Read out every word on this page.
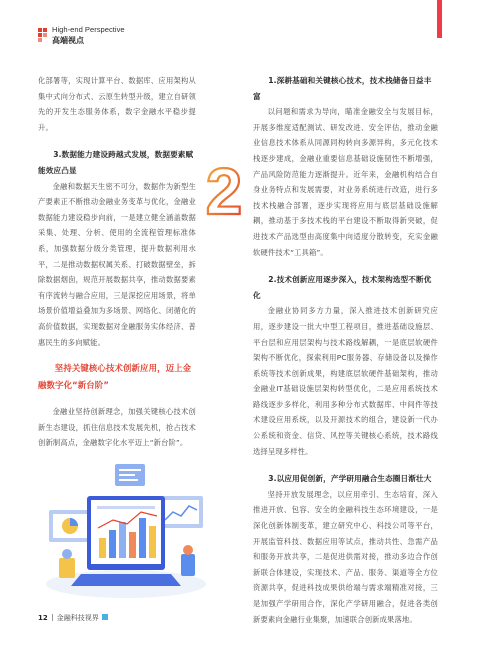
High-end Perspective
高端视点

化部署等，实现计算平台、数据库、应用架构从集中式向分布式、云原生转型升级，建立自研领先的开发生态服务体系，数字金融水平稳步提升。

3.数据能力建设跨越式发展，数据要素赋能效应凸显

金融和数据天生密不可分，数据作为新型生产要素正不断推动金融业务变革与优化，金融业数据能力建设稳步向前，一是建立健全涵盖数据采集、处理、分析、使用的全流程管理标准体系，加强数据分级分类管理，提升数据利用水平，二是推动数据权属关系、打破数据壁垒，拆除数据烟囱，规范开展数据共享，推动数据要素有序流转与融合应用，三是深挖应用场景，将单场景价值增益叠加为多场景、网络化、闭循化的高价值数据，实现数据对金融服务实体经济、普惠民生的多向赋能。

坚持关键核心技术创新应用，迈上金融数字化“新台阶”

金融业坚持创新理念，加强关键核心技术创新生态建设，抓住信息技术发展先机，抢占技术创新制高点，金融数字化水平迈上“新台阶”。

2
1.深耕基础和关键核心技术，技术栈储备日益丰富

以问题和需求为导向，瞄准金融安全与发展目标，开展多维度适配测试、研发改进、安全评估，推动金融业信息技术体系从同源同构转向多源异构，多元化技术栈逐步建成，金融业重要信息基础设施韧性不断增强，产品风险防范能力逐渐提升。近年来，金融机构结合自身业务特点和发展需要，对业务系统进行改造，进行多技术栈融合部署，逐步实现将应用与底层基础设施解耦，推动基于多技术栈的平台建设不断取得新突破，促进技术产品选型由高度集中向适度分散转变，充实金融软硬件技术“工具箱”。

2.技术创新应用逐步深入，技术架构选型不断优化

金融业协同多方力量，深入推进技术创新研究应用，逐步建设一批大中型工程项目，推进基础设施层、平台层和应用层架构与技术路线解耦，一是底层软硬件架构不断优化，探索利用PC服务器、存储设备以及操作系统等技术创新成果，构建底层软硬件基础架构，推动金融业IT基础设施层架构转型优化，二是应用系统技术路线逐步多样化，利用多种分布式数据库、中间件等技术建设应用系统，以及开源技术的组合，建设新一代办公系统和资金、信贷、风控等关键核心系统，技术路线选择呈现多样性。

3.以应用促创新，产学研用融合生态圈日渐壮大

坚持开放发展理念，以应用牵引、生态培育，深入推进开放、包容、安全的金融科技生态环境建设，一是深化创新体制变革，建立研究中心、科技公司等平台，开展监管科技、数据应用等试点，推动共性、急需产品和服务开放共享，二是促进供需对接，推动多边合作创新联合体建设，实现技术、产品、服务、渠道等全方位资源共享，促进科技成果供给端与需求端精准对接，三是加强产学研用合作，深化产学研用融合，促进各类创新要素向金融行业集聚，加速联合创新成果落地。

12 金融科技视界
